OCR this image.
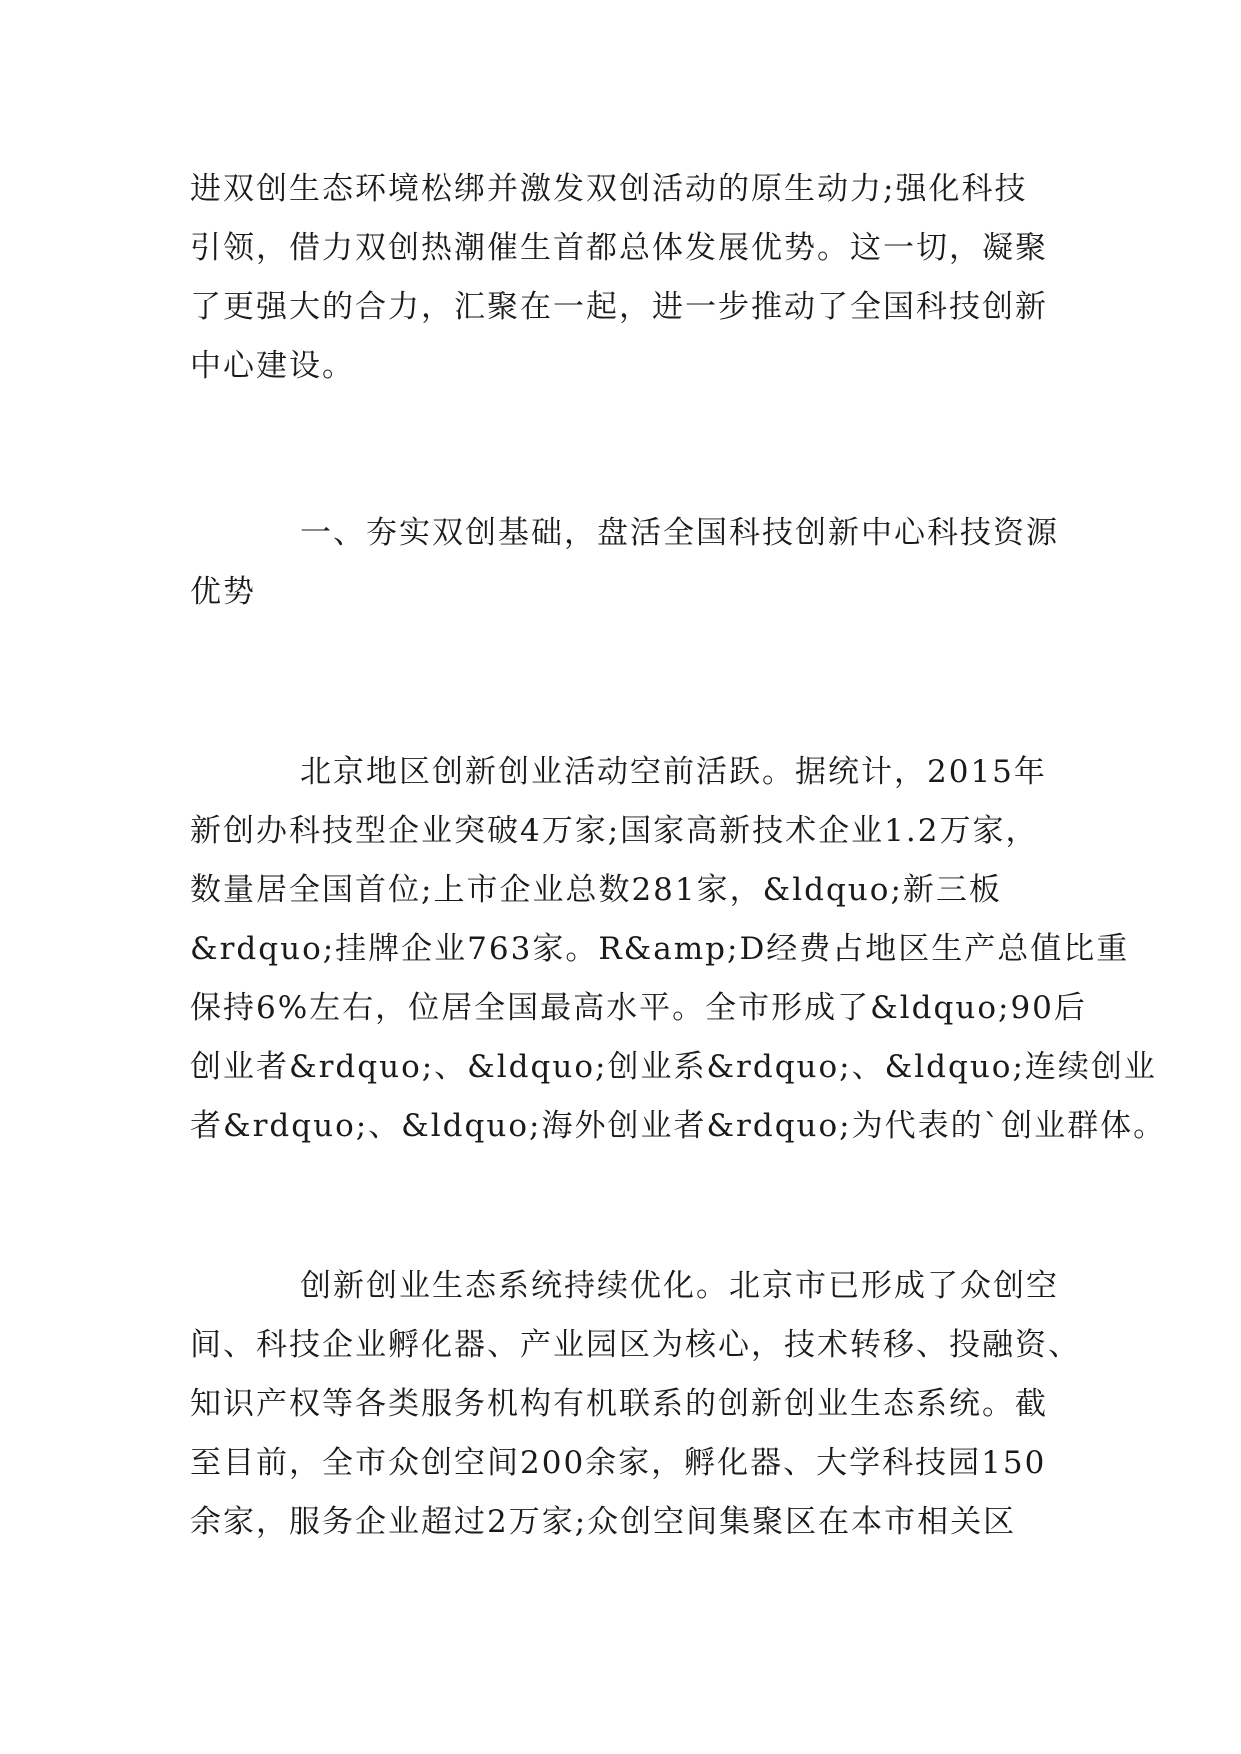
进双创生态环境松绑并激发双创活动的原生动力;强化科技
引领，借力双创热潮催生首都总体发展优势。这一切，凝聚
了更强大的合力，汇聚在一起，进一步推动了全国科技创新
中心建设。
一、夯实双创基础，盘活全国科技创新中心科技资源
优势
北京地区创新创业活动空前活跃。据统计，2015年
新创办科技型企业突破4万家;国家高新技术企业1.2万家，
数量居全国首位;上市企业总数281家，&ldquo;新三板
&rdquo;挂牌企业763家。R&amp;D经费占地区生产总值比重
保持6%左右，位居全国最高水平。全市形成了&ldquo;90后
创业者&rdquo;、&ldquo;创业系&rdquo;、&ldquo;连续创业
者&rdquo;、&ldquo;海外创业者&rdquo;为代表的`创业群体。
创新创业生态系统持续优化。北京市已形成了众创空
间、科技企业孵化器、产业园区为核心，技术转移、投融资、
知识产权等各类服务机构有机联系的创新创业生态系统。截
至目前，全市众创空间200余家，孵化器、大学科技园150
余家，服务企业超过2万家;众创空间集聚区在本市相关区
